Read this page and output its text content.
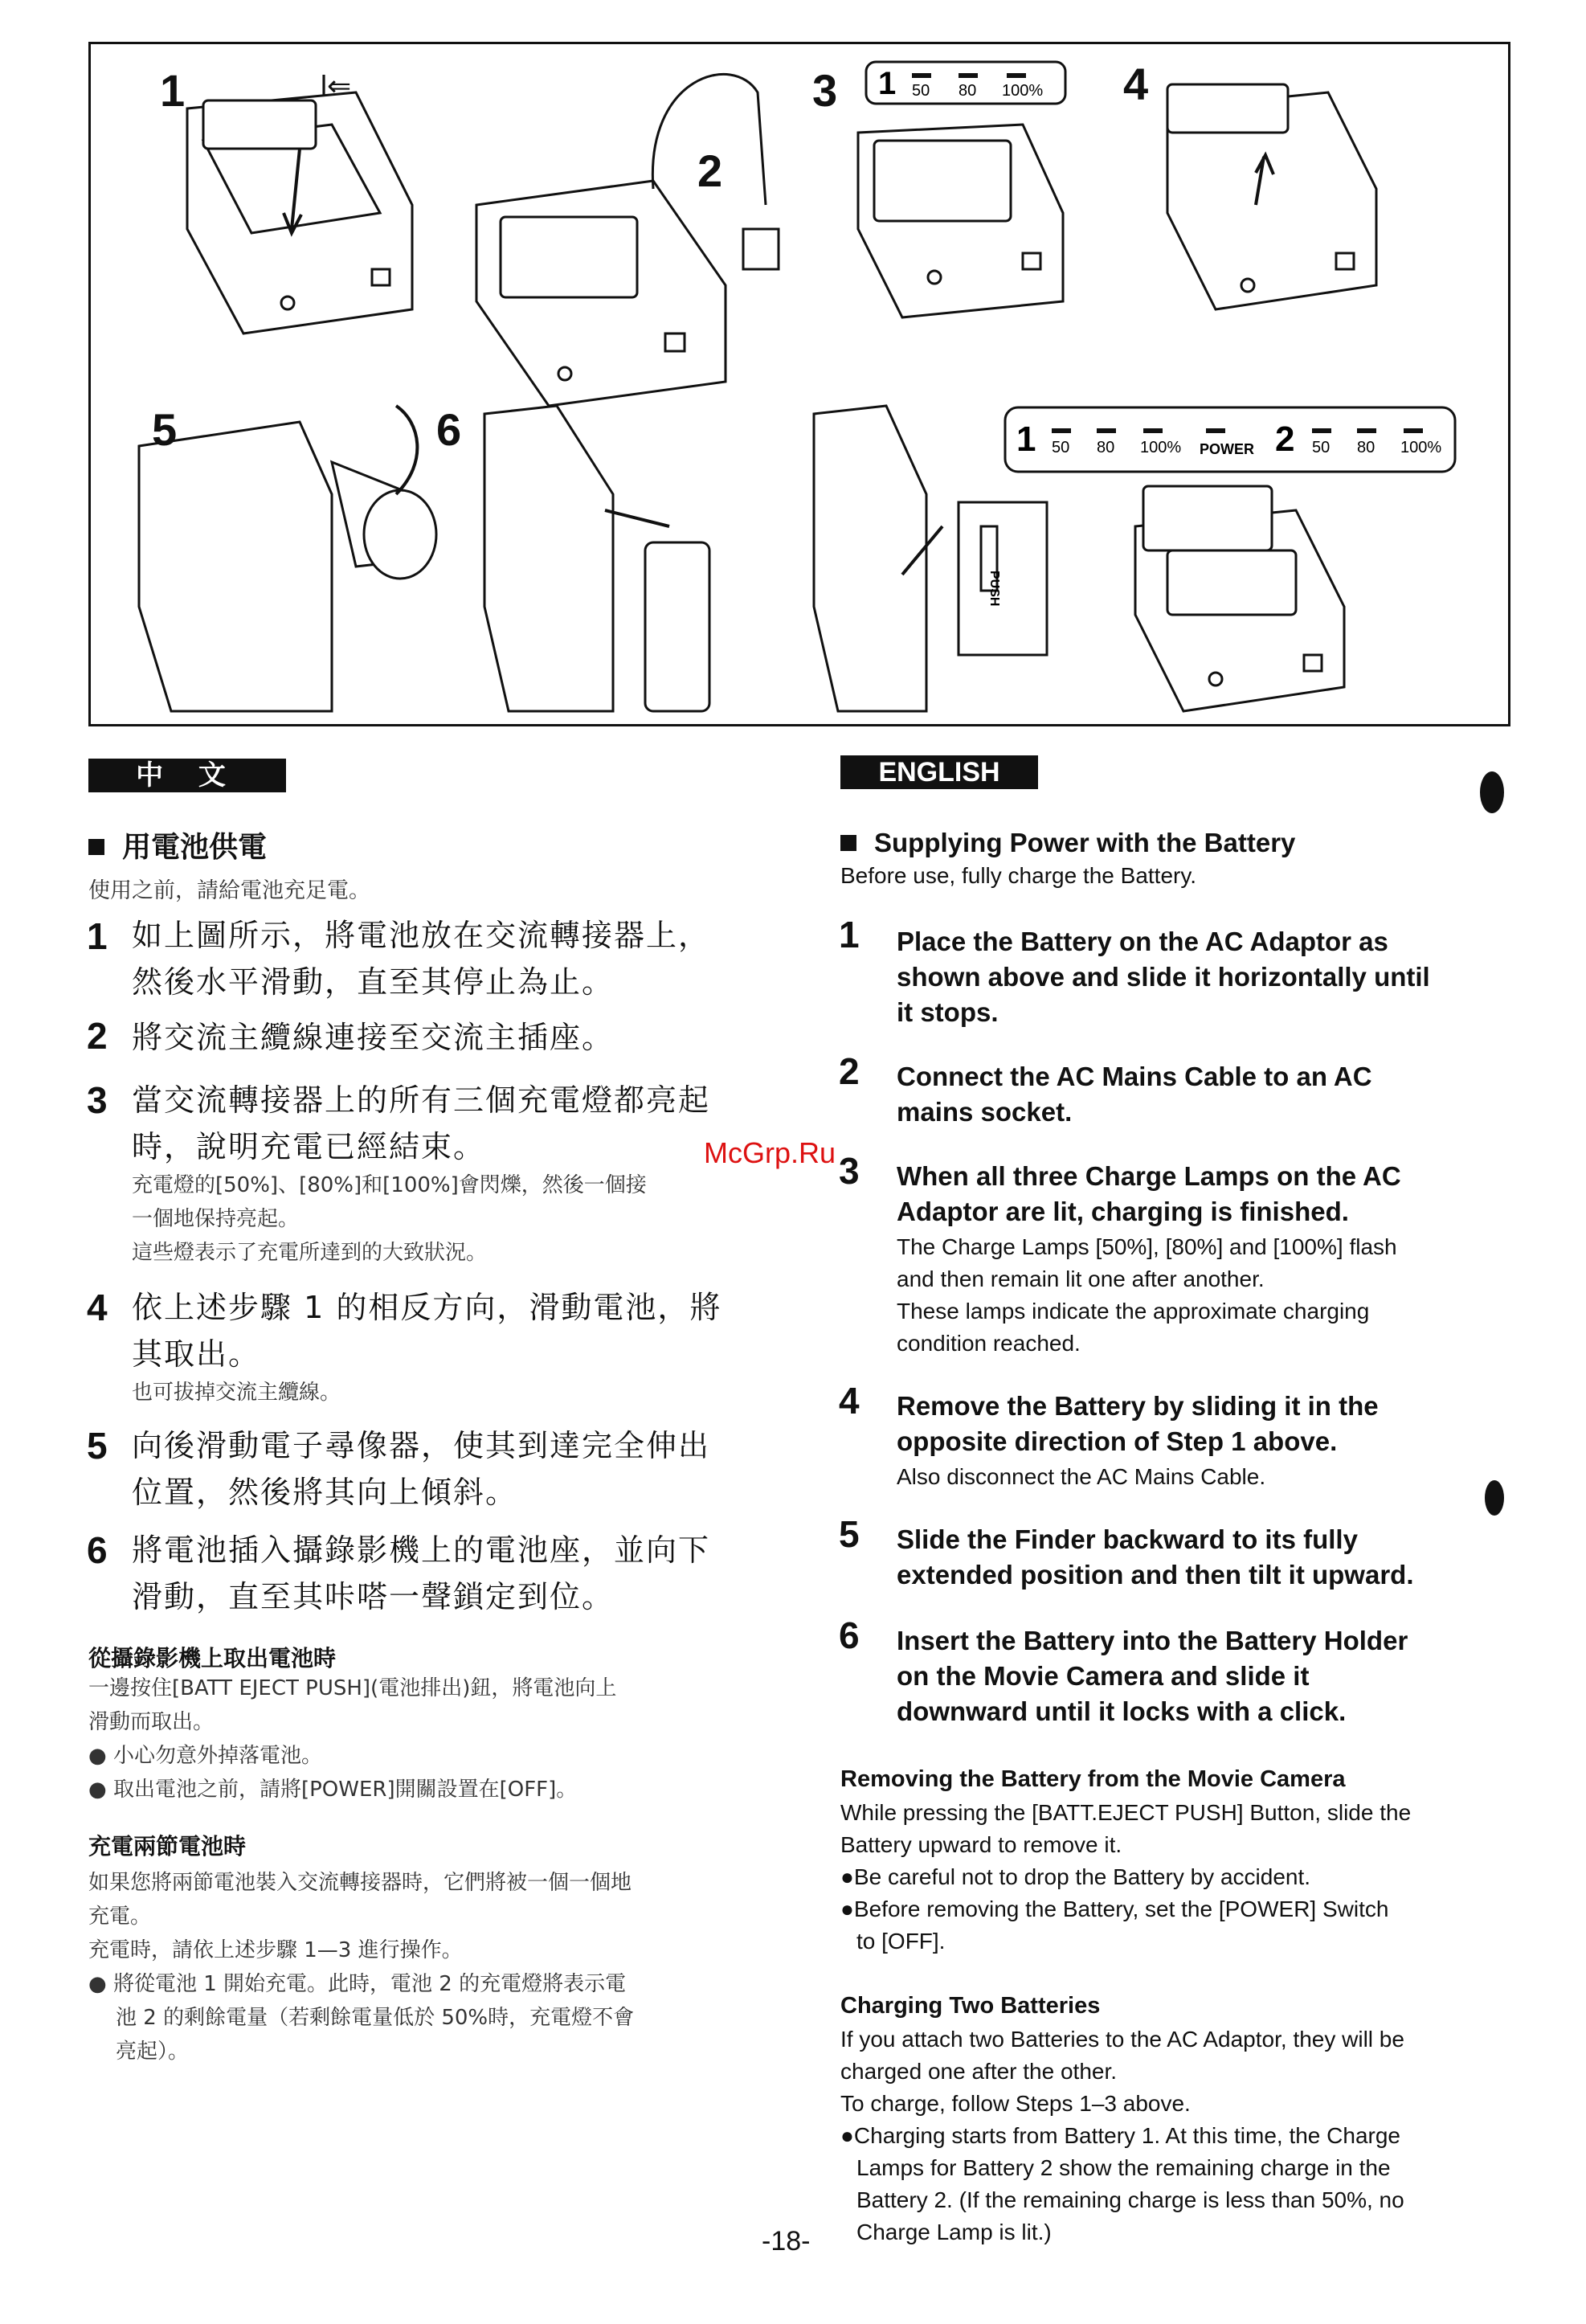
1 50 80 100%
1 50 80 100% POWER 2 50 80 100%
PUSH
1	l⇐
2
3	4
5	6
中 文	ENGLISH
用電池供電
使用之前，請給電池充足電。
1 如上圖所示，將電池放在交流轉接器上，
然後水平滑動，直至其停止為止。
2 將交流主纜線連接至交流主插座。
3 當交流轉接器上的所有三個充電燈都亮起
時，說明充電已經結束。
充電燈的[50%]、[80%]和[100%]會閃爍，然後一個接
一個地保持亮起。
這些燈表示了充電所達到的大致狀況。
4 依上述步驟 1 的相反方向，滑動電池，將
其取出。
也可拔掉交流主纜線。
5 向後滑動電子尋像器，使其到達完全伸出
位置，然後將其向上傾斜。
6 將電池插入攝錄影機上的電池座，並向下
滑動，直至其咔嗒一聲鎖定到位。
從攝錄影機上取出電池時
一邊按住[BATT EJECT PUSH](電池排出)鈕，將電池向上
滑動而取出。
● 小心勿意外掉落電池。
● 取出電池之前，請將[POWER]開關設置在[OFF]。
充電兩節電池時
如果您將兩節電池裝入交流轉接器時，它們將被一個一個地
充電。
充電時，請依上述步驟 1—3 進行操作。
● 將從電池 1 開始充電。此時，電池 2 的充電燈將表示電
池 2 的剩餘電量（若剩餘電量低於 50%時，充電燈不會
亮起）。
Supplying Power with the Battery
Before use, fully charge the Battery.
1 Place the Battery on the AC Adaptor as
shown above and slide it horizontally until
it stops.
2 Connect the AC Mains Cable to an AC
mains socket.
3 When all three Charge Lamps on the AC
Adaptor are lit, charging is finished.
The Charge Lamps [50%], [80%] and [100%] flash
and then remain lit one after another.
These lamps indicate the approximate charging
condition reached.
4 Remove the Battery by sliding it in the
opposite direction of Step 1 above.
Also disconnect the AC Mains Cable.
5 Slide the Finder backward to its fully
extended position and then tilt it upward.
6 Insert the Battery into the Battery Holder
on the Movie Camera and slide it
downward until it locks with a click.
Removing the Battery from the Movie Camera
While pressing the [BATT.EJECT PUSH] Button, slide the
Battery upward to remove it.
●Be careful not to drop the Battery by accident.
●Before removing the Battery, set the [POWER] Switch
to [OFF].
Charging Two Batteries
If you attach two Batteries to the AC Adaptor, they will be
charged one after the other.
To charge, follow Steps 1–3 above.
●Charging starts from Battery 1. At this time, the Charge
Lamps for Battery 2 show the remaining charge in the
Battery 2. (If the remaining charge is less than 50%, no
Charge Lamp is lit.)
McGrp.Ru
-18-
